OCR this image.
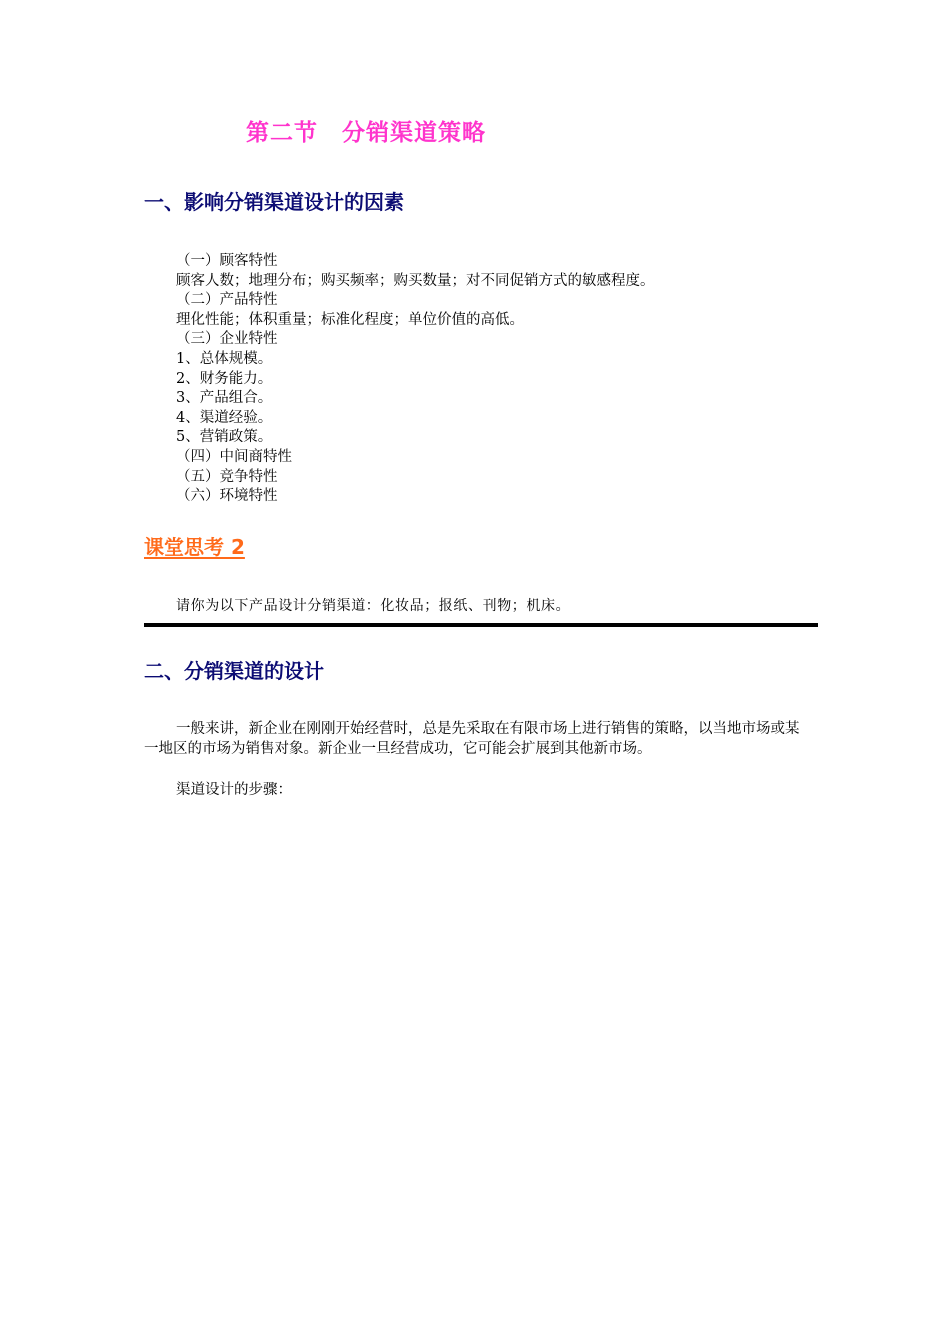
第二节 分销渠道策略
一、影响分销渠道设计的因素
（一）顾客特性
顾客人数；地理分布；购买频率；购买数量；对不同促销方式的敏感程度。
（二）产品特性
理化性能；体积重量；标准化程度；单位价值的高低。
（三）企业特性
1、总体规模。
2、财务能力。
3、产品组合。
4、渠道经验。
5、营销政策。
（四）中间商特性
（五）竞争特性
（六）环境特性
课堂思考 2
请你为以下产品设计分销渠道：化妆品；报纸、刊物；机床。
二、分销渠道的设计
一般来讲，新企业在刚刚开始经营时，总是先采取在有限市场上进行销售的策略，以当地市场或某一地区的市场为销售对象。新企业一旦经营成功，它可能会扩展到其他新市场。
渠道设计的步骤：
